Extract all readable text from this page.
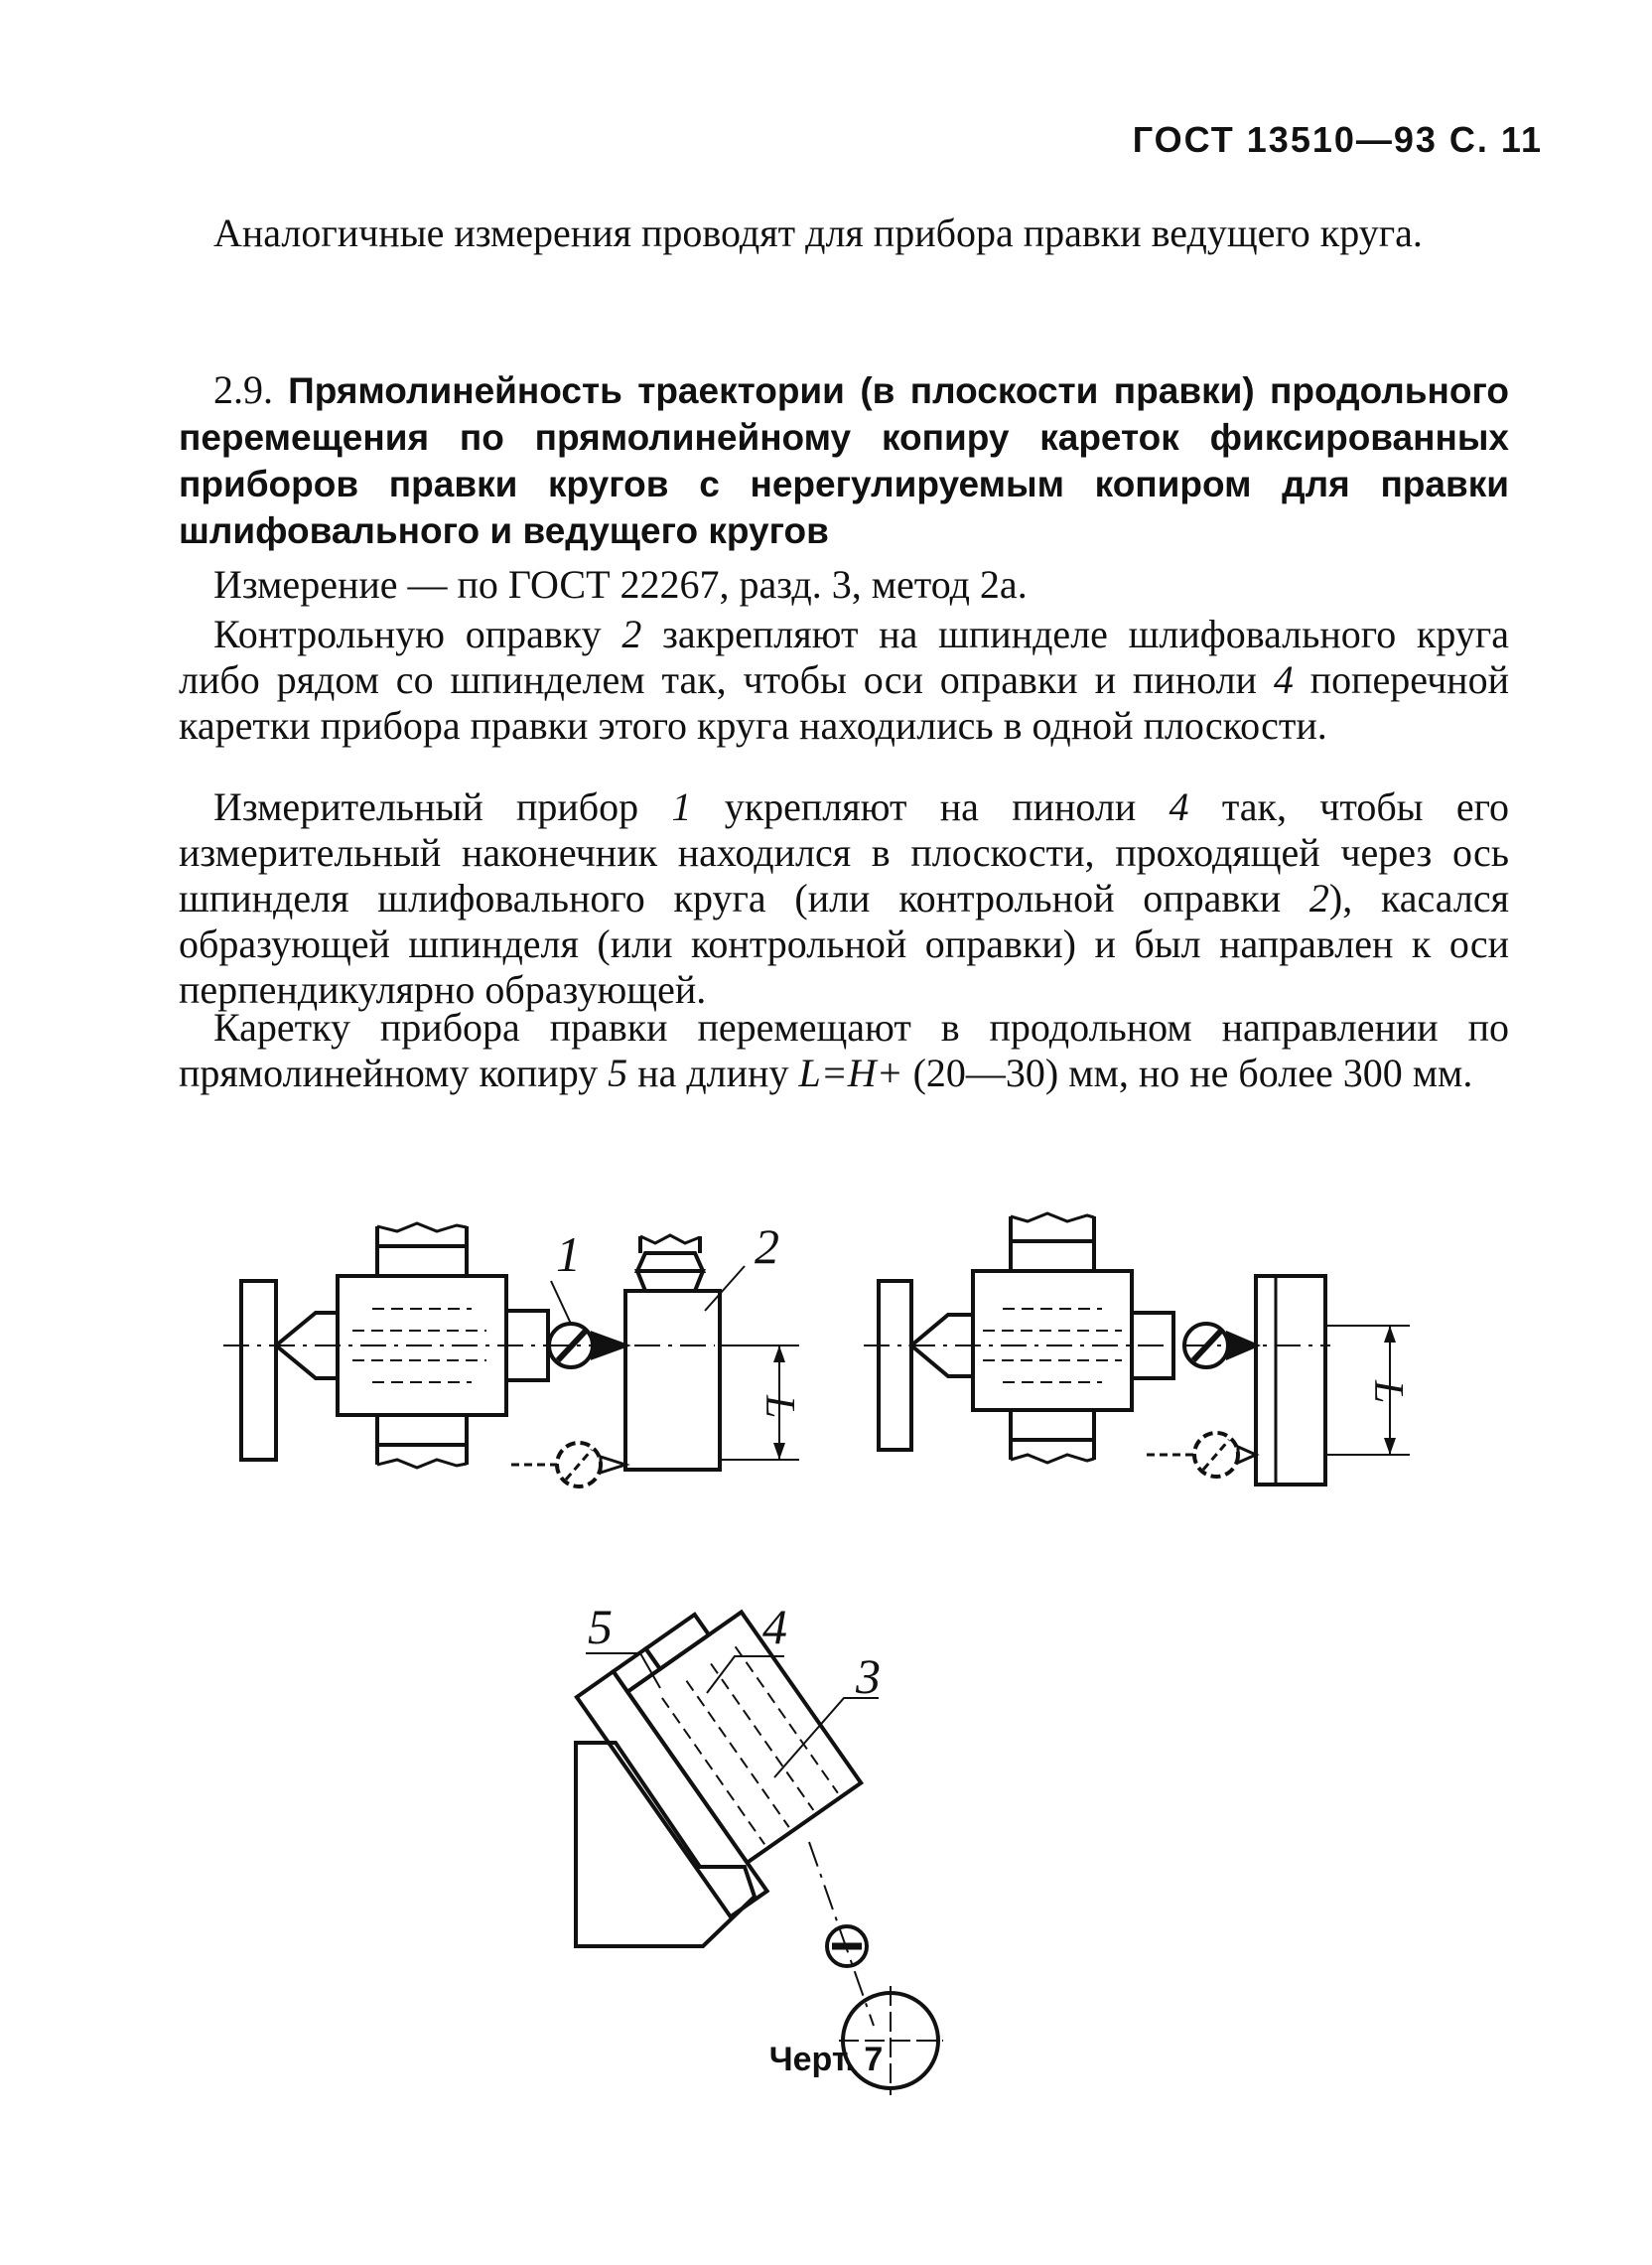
ГОСТ 13510—93 С. 11
Аналогичные измерения проводят для прибора правки ведущего круга.
2.9. Прямолинейность траектории (в плоскости правки) продольного перемещения по прямолинейному копиру кареток фиксированных приборов правки кругов с нерегулируемым копиром для правки шлифовального и ведущего кругов
Измерение — по ГОСТ 22267, разд. 3, метод 2а.
Контрольную оправку 2 закрепляют на шпинделе шлифовального круга либо рядом со шпинделем так, чтобы оси оправки и пиноли 4 поперечной каретки прибора правки этого круга находились в одной плоскости.
Измерительный прибор 1 укрепляют на пиноли 4 так, чтобы его измерительный наконечник находился в плоскости, проходящей через ось шпинделя шлифовального круга (или контрольной оправки 2), касался образующей шпинделя (или контрольной оправки) и был направлен к оси перпендикулярно образующей.
Каретку прибора правки перемещают в продольном направлении по прямолинейному копиру 5 на длину L=H+ (20—30) мм, но не более 300 мм.
1	2
3
4
5
L
L
Черт. 7
